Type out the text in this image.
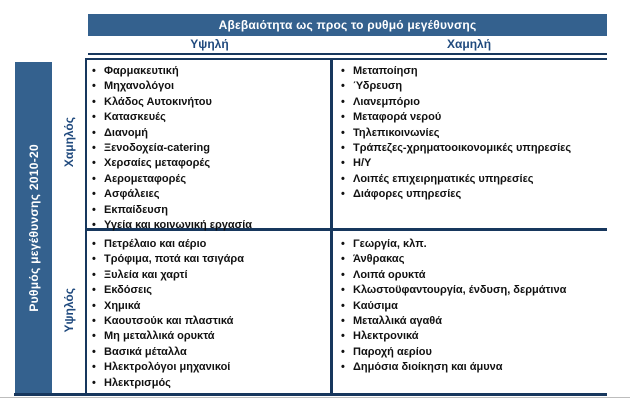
Αβεβαιότητα ως προς το ρυθμό μεγέθυνσης
Υψηλή	Χαμηλή
Ρυθμός μεγέθυνσης 2010-20
Χαμηλός
Υψηλός
• Φαρμακευτική
• Μηχανολόγοι
• Κλάδος Αυτοκινήτου
• Κατασκευές
• Διανομή
• Ξενοδοχεία-catering
• Χερσαίες μεταφορές
• Αερομεταφορές
• Ασφάλειες
• Εκπαίδευση
• Υγεία και κοινωνική εργασία
• Μεταποίηση
• Ύδρευση
• Λιανεμπόριο
• Μεταφορά νερού
• Τηλεπικοινωνίες
• Τράπεζες-χρηματοοικονομικές υπηρεσίες
• Η/Υ
• Λοιπές επιχειρηματικές υπηρεσίες
• Διάφορες υπηρεσίες
• Πετρέλαιο και αέριο
• Τρόφιμα, ποτά και τσιγάρα
• Ξυλεία και χαρτί
• Εκδόσεις
• Χημικά
• Καουτσούκ και πλαστικά
• Μη μεταλλικά ορυκτά
• Βασικά μέταλλα
• Ηλεκτρολόγοι μηχανικοί
• Ηλεκτρισμός
• Γεωργία, κλπ.
• Άνθρακας
• Λοιπά ορυκτά
• Κλωστοϋφαντουργία, ένδυση, δερμάτινα
• Καύσιμα
• Μεταλλικά αγαθά
• Ηλεκτρονικά
• Παροχή αερίου
• Δημόσια διοίκηση και άμυνα
